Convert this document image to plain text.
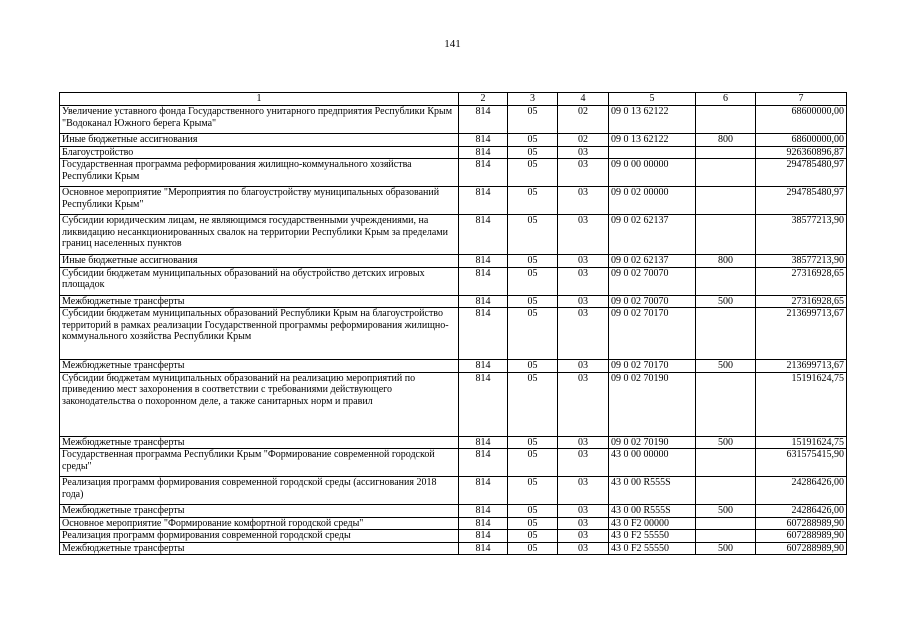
141
1	2	3	4	5	6	7
Увеличение уставного фонда Государственного унитарного предприятия Республики Крым "Водоканал Южного берега Крыма"	814	05	02	09 0 13 62122		68600000,00
Иные бюджетные ассигнования	814	05	02	09 0 13 62122	800	68600000,00
Благоустройство	814	05	03			926360896,87
Государственная программа реформирования жилищно-коммунального хозяйства Республики Крым	814	05	03	09 0 00 00000		294785480,97
Основное мероприятие "Мероприятия по благоустройству муниципальных образований Республики Крым"	814	05	03	09 0 02 00000		294785480,97
Субсидии юридическим лицам, не являющимся государственными учреждениями, на ликвидацию несанкционированных свалок на территории Республики Крым за пределами границ населенных пунктов	814	05	03	09 0 02 62137		38577213,90
Иные бюджетные ассигнования	814	05	03	09 0 02 62137	800	38577213,90
Субсидии бюджетам муниципальных образований на обустройство детских игровых площадок	814	05	03	09 0 02 70070		27316928,65
Межбюджетные трансферты	814	05	03	09 0 02 70070	500	27316928,65
Субсидии бюджетам муниципальных образований Республики Крым на благоустройство территорий в рамках реализации Государственной программы реформирования жилищно-коммунального хозяйства Республики Крым	814	05	03	09 0 02 70170		213699713,67
Межбюджетные трансферты	814	05	03	09 0 02 70170	500	213699713,67
Субсидии бюджетам муниципальных образований на реализацию мероприятий по приведению мест захоронения в соответствии с требованиями действующего законодательства о похоронном деле, а также санитарных норм и правил	814	05	03	09 0 02 70190		15191624,75
Межбюджетные трансферты	814	05	03	09 0 02 70190	500	15191624,75
Государственная программа Республики Крым "Формирование современной городской среды"	814	05	03	43 0 00 00000		631575415,90
Реализация программ формирования современной городской среды (ассигнования 2018 года)	814	05	03	43 0 00 R555S		24286426,00
Межбюджетные трансферты	814	05	03	43 0 00 R555S	500	24286426,00
Основное мероприятие "Формирование комфортной городской среды"	814	05	03	43 0 F2 00000		607288989,90
Реализация программ формирования современной городской среды	814	05	03	43 0 F2 55550		607288989,90
Межбюджетные трансферты	814	05	03	43 0 F2 55550	500	607288989,90
